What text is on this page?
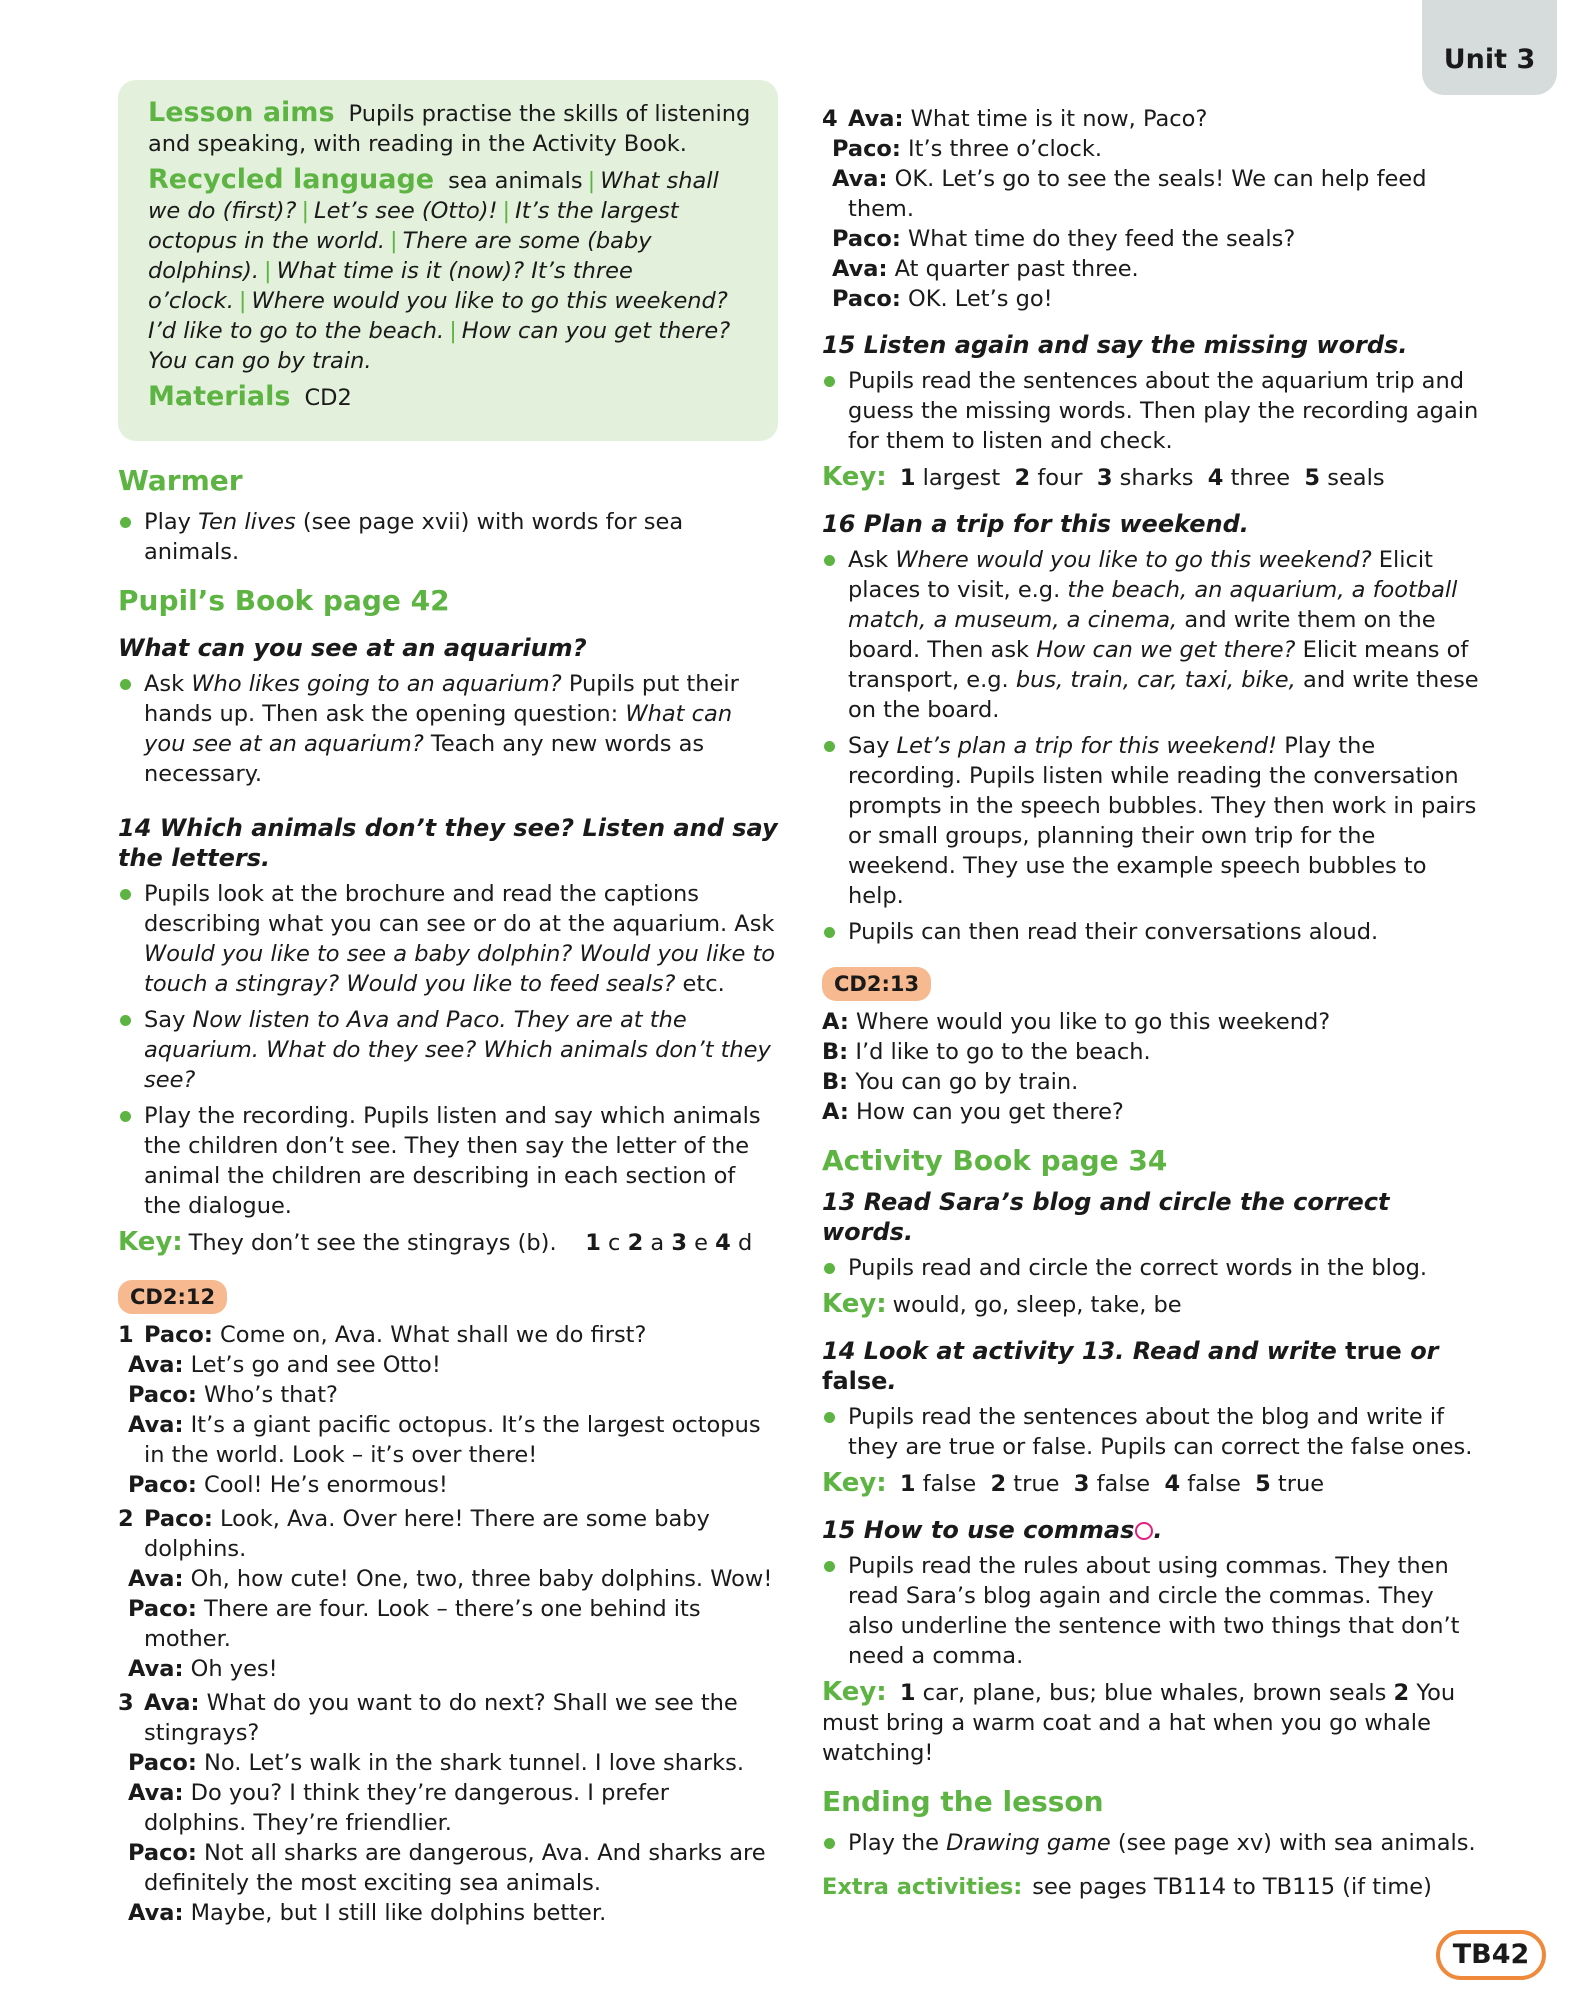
Unit 3

Lesson aims Pupils practise the skills of listening and speaking, with reading in the Activity Book.

Recycled language sea animals | What shall we do (first)? | Let’s see (Otto)! | It’s the largest octopus in the world. | There are some (baby dolphins). | What time is it (now)? It’s three o’clock. | Where would you like to go this weekend? I’d like to go to the beach. | How can you get there? You can go by train.

Materials CD2

Warmer
Play Ten lives (see page xvii) with words for sea animals.
Pupil’s Book page 42
What can you see at an aquarium?
Ask Who likes going to an aquarium? Pupils put their hands up. Then ask the opening question: What can you see at an aquarium? Teach any new words as necessary.
14 Which animals don’t they see? Listen and say the letters.
Pupils look at the brochure and read the captions describing what you can see or do at the aquarium. Ask Would you like to see a baby dolphin? Would you like to touch a stingray? Would you like to feed seals? etc.
Say Now listen to Ava and Paco. They are at the aquarium. What do they see? Which animals don’t they see?
Play the recording. Pupils listen and say which animals the children don’t see. They then say the letter of the animal the children are describing in each section of the dialogue.

Key: They don’t see the stingrays (b). 1 c 2 a 3 e 4 d

CD2:12
1 Paco: Come on, Ava. What shall we do first?

Ava: Let’s go and see Otto!

Paco: Who’s that?

Ava: It’s a giant pacific octopus. It’s the largest octopus in the world. Look – it’s over there!

Paco: Cool! He’s enormous!

2 Paco: Look, Ava. Over here! There are some baby dolphins.

Ava: Oh, how cute! One, two, three baby dolphins. Wow!

Paco: There are four. Look – there’s one behind its mother.

Ava: Oh yes!

3 Ava: What do you want to do next? Shall we see the stingrays?

Paco: No. Let’s walk in the shark tunnel. I love sharks.

Ava: Do you? I think they’re dangerous. I prefer dolphins. They’re friendlier.

Paco: Not all sharks are dangerous, Ava. And sharks are definitely the most exciting sea animals.

Ava: Maybe, but I still like dolphins better.

4 Ava: What time is it now, Paco?

Paco: It’s three o’clock.

Ava: OK. Let’s go to see the seals! We can help feed them.

Paco: What time do they feed the seals?

Ava: At quarter past three.

Paco: OK. Let’s go!

15 Listen again and say the missing words.
Pupils read the sentences about the aquarium trip and guess the missing words. Then play the recording again for them to listen and check.

Key: 1 largest 2 four 3 sharks 4 three 5 seals

16 Plan a trip for this weekend.
Ask Where would you like to go this weekend? Elicit places to visit, e.g. the beach, an aquarium, a football match, a museum, a cinema, and write them on the board. Then ask How can we get there? Elicit means of transport, e.g. bus, train, car, taxi, bike, and write these on the board.
Say Let’s plan a trip for this weekend! Play the recording. Pupils listen while reading the conversation prompts in the speech bubbles. They then work in pairs or small groups, planning their own trip for the weekend. They use the example speech bubbles to help.
Pupils can then read their conversations aloud.
CD2:13

A: Where would you like to go this weekend?

B: I’d like to go to the beach.

B: You can go by train.

A: How can you get there?

Activity Book page 34
13 Read Sara’s blog and circle the correct words.
Pupils read and circle the correct words in the blog.

Key: would, go, sleep, take, be

14 Look at activity 13. Read and write true or false.
Pupils read the sentences about the blog and write if they are true or false. Pupils can correct the false ones.

Key: 1 false 2 true 3 false 4 false 5 true

15 How to use commas .
Pupils read the rules about using commas. They then read Sara’s blog again and circle the commas. They also underline the sentence with two things that don’t need a comma.

Key: 1 car, plane, bus; blue whales, brown seals 2 You must bring a warm coat and a hat when you go whale watching!

Ending the lesson
Play the Drawing game (see page xv) with sea animals.

Extra activities: see pages TB114 to TB115 (if time)

TB42
